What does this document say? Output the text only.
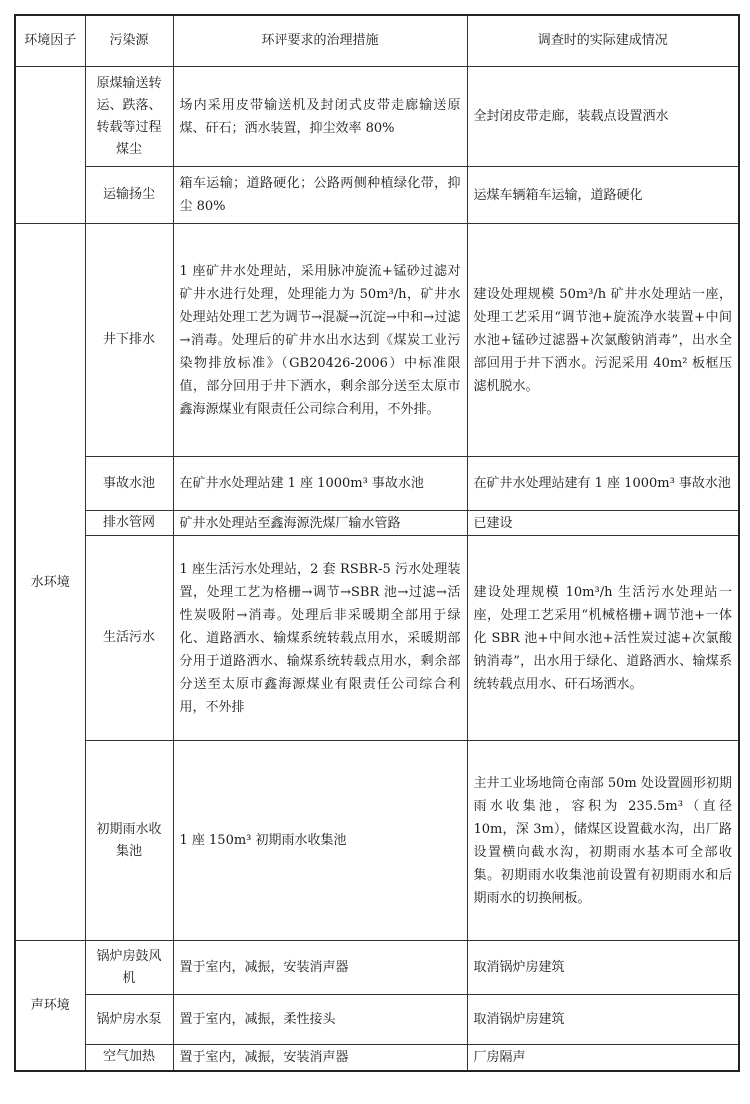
环境因子	污染源	环评要求的治理措施	调查时的实际建成情况
	原煤输送转运、跌落、转载等过程煤尘	场内采用皮带输送机及封闭式皮带走廊输送原煤、矸石；洒水装置，抑尘效率 80%	全封闭皮带走廊，装载点设置洒水
	运输扬尘	箱车运输；道路硬化；公路两侧种植绿化带，抑尘 80%	运煤车辆箱车运输，道路硬化
水环境	井下排水	1 座矿井水处理站，采用脉冲旋流+锰砂过滤对矿井水进行处理，处理能力为 50m³/h，矿井水处理站处理工艺为调节→混凝→沉淀→中和→过滤→消毒。处理后的矿井水出水达到《煤炭工业污染物排放标准》（GB20426-2006）中标准限值，部分回用于井下洒水，剩余部分送至太原市鑫海源煤业有限责任公司综合利用，不外排。	建设处理规模 50m³/h 矿井水处理站一座，处理工艺采用“调节池+旋流净水装置+中间水池+锰砂过滤器+次氯酸钠消毒”，出水全部回用于井下洒水。污泥采用 40m² 板框压滤机脱水。
	事故水池	在矿井水处理站建 1 座 1000m³ 事故水池	在矿井水处理站建有 1 座 1000m³ 事故水池
	排水管网	矿井水处理站至鑫海源洗煤厂输水管路	已建设
	生活污水	1 座生活污水处理站，2 套 RSBR-5 污水处理装置，处理工艺为格栅→调节→SBR 池→过滤→活性炭吸附→消毒。处理后非采暖期全部用于绿化、道路洒水、输煤系统转载点用水，采暖期部分用于道路洒水、输煤系统转载点用水，剩余部分送至太原市鑫海源煤业有限责任公司综合利用，不外排	建设处理规模 10m³/h 生活污水处理站一座，处理工艺采用“机械格栅+调节池+一体化 SBR 池+中间水池+活性炭过滤+次氯酸钠消毒”，出水用于绿化、道路洒水、输煤系统转载点用水、矸石场洒水。
	初期雨水收集池	1 座 150m³ 初期雨水收集池	主井工业场地筒仓南部 50m 处设置圆形初期雨水收集池，容积为 235.5m³（直径 10m，深 3m），储煤区设置截水沟，出厂路设置横向截水沟，初期雨水基本可全部收集。初期雨水收集池前设置有初期雨水和后期雨水的切换闸板。
声环境	锅炉房鼓风机	置于室内，减振，安装消声器	取消锅炉房建筑
	锅炉房水泵	置于室内，减振，柔性接头	取消锅炉房建筑
	空气加热	置于室内，减振，安装消声器	厂房隔声
